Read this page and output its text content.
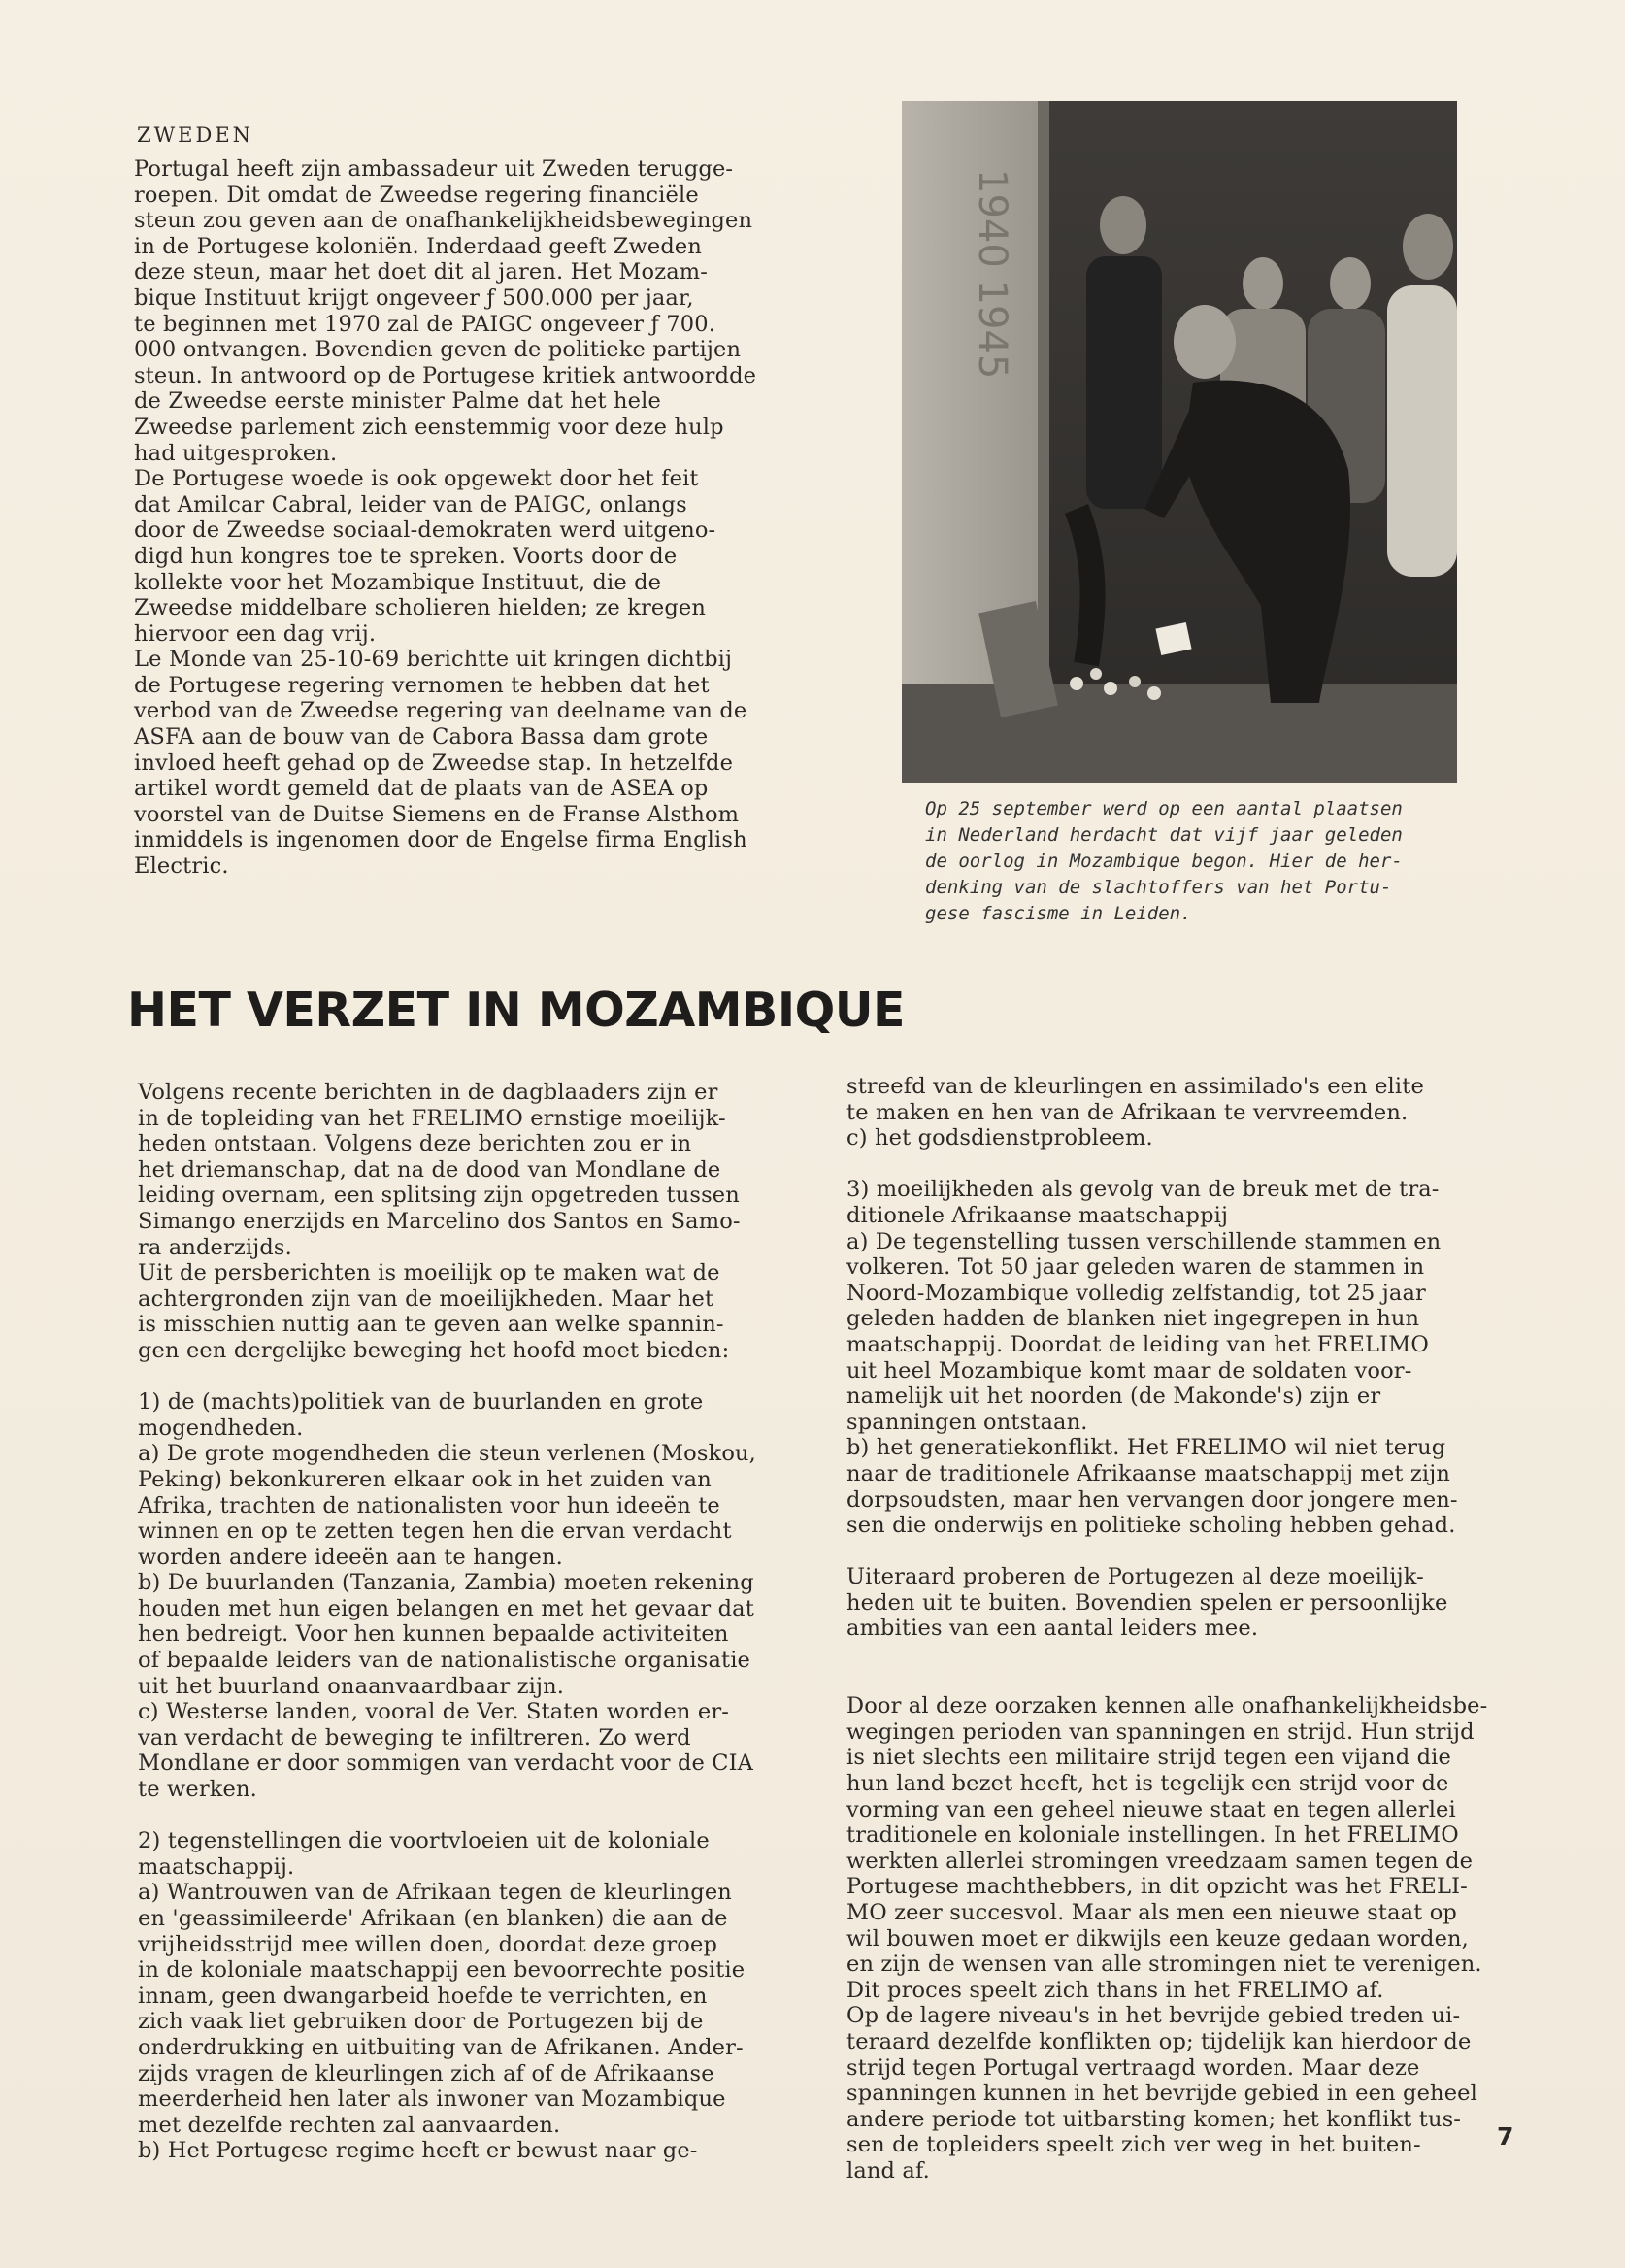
ZWEDEN
Portugal heeft zijn ambassadeur uit Zweden terugge-
roepen. Dit omdat de Zweedse regering financiële
steun zou geven aan de onafhankelijkheidsbewegingen
in de Portugese koloniën. Inderdaad geeft Zweden
deze steun, maar het doet dit al jaren. Het Mozam-
bique Instituut krijgt ongeveer ƒ 500.000 per jaar,
te beginnen met 1970 zal de PAIGC ongeveer ƒ 700.
000 ontvangen. Bovendien geven de politieke partijen
steun. In antwoord op de Portugese kritiek antwoordde
de Zweedse eerste minister Palme dat het hele
Zweedse parlement zich eenstemmig voor deze hulp
had uitgesproken.
De Portugese woede is ook opgewekt door het feit
dat Amilcar Cabral, leider van de PAIGC, onlangs
door de Zweedse sociaal-demokraten werd uitgeno-
digd hun kongres toe te spreken. Voorts door de
kollekte voor het Mozambique Instituut, die de
Zweedse middelbare scholieren hielden; ze kregen
hiervoor een dag vrij.
Le Monde van 25-10-69 berichtte uit kringen dichtbij
de Portugese regering vernomen te hebben dat het
verbod van de Zweedse regering van deelname van de
ASFA aan de bouw van de Cabora Bassa dam grote
invloed heeft gehad op de Zweedse stap. In hetzelfde
artikel wordt gemeld dat de plaats van de ASEA op
voorstel van de Duitse Siemens en de Franse Alsthom
inmiddels is ingenomen door de Engelse firma English
Electric.
1940 1945
Op 25 september werd op een aantal plaatsen
in Nederland herdacht dat vijf jaar geleden
de oorlog in Mozambique begon. Hier de her-
denking van de slachtoffers van het Portu-
gese fascisme in Leiden.
HET VERZET IN MOZAMBIQUE
Volgens recente berichten in de dagblaaders zijn er
in de topleiding van het FRELIMO ernstige moeilijk-
heden ontstaan. Volgens deze berichten zou er in
het driemanschap, dat na de dood van Mondlane de
leiding overnam, een splitsing zijn opgetreden tussen
Simango enerzijds en Marcelino dos Santos en Samo-
ra anderzijds.
Uit de persberichten is moeilijk op te maken wat de
achtergronden zijn van de moeilijkheden. Maar het
is misschien nuttig aan te geven aan welke spannin-
gen een dergelijke beweging het hoofd moet bieden:

1) de (machts)politiek van de buurlanden en grote
mogendheden.
a) De grote mogendheden die steun verlenen (Moskou,
Peking) bekonkureren elkaar ook in het zuiden van
Afrika, trachten de nationalisten voor hun ideeën te
winnen en op te zetten tegen hen die ervan verdacht
worden andere ideeën aan te hangen.
b) De buurlanden (Tanzania, Zambia) moeten rekening
houden met hun eigen belangen en met het gevaar dat
hen bedreigt. Voor hen kunnen bepaalde activiteiten
of bepaalde leiders van de nationalistische organisatie
uit het buurland onaanvaardbaar zijn.
c) Westerse landen, vooral de Ver. Staten worden er-
van verdacht de beweging te infiltreren. Zo werd
Mondlane er door sommigen van verdacht voor de CIA
te werken.

2) tegenstellingen die voortvloeien uit de koloniale
maatschappij.
a) Wantrouwen van de Afrikaan tegen de kleurlingen
en 'geassimileerde' Afrikaan (en blanken) die aan de
vrijheidsstrijd mee willen doen, doordat deze groep
in de koloniale maatschappij een bevoorrechte positie
innam, geen dwangarbeid hoefde te verrichten, en
zich vaak liet gebruiken door de Portugezen bij de
onderdrukking en uitbuiting van de Afrikanen. Ander-
zijds vragen de kleurlingen zich af of de Afrikaanse
meerderheid hen later als inwoner van Mozambique
met dezelfde rechten zal aanvaarden.
b) Het Portugese regime heeft er bewust naar ge-
streefd van de kleurlingen en assimilado's een elite
te maken en hen van de Afrikaan te vervreemden.
c) het godsdienstprobleem.

3) moeilijkheden als gevolg van de breuk met de tra-
ditionele Afrikaanse maatschappij
a) De tegenstelling tussen verschillende stammen en
volkeren. Tot 50 jaar geleden waren de stammen in
Noord-Mozambique volledig zelfstandig, tot 25 jaar
geleden hadden de blanken niet ingegrepen in hun
maatschappij. Doordat de leiding van het FRELIMO
uit heel Mozambique komt maar de soldaten voor-
namelijk uit het noorden (de Makonde's) zijn er
spanningen ontstaan.
b) het generatiekonflikt. Het FRELIMO wil niet terug
naar de traditionele Afrikaanse maatschappij met zijn
dorpsoudsten, maar hen vervangen door jongere men-
sen die onderwijs en politieke scholing hebben gehad.

Uiteraard proberen de Portugezen al deze moeilijk-
heden uit te buiten. Bovendien spelen er persoonlijke
ambities van een aantal leiders mee.

Door al deze oorzaken kennen alle onafhankelijkheidsbe-
wegingen perioden van spanningen en strijd. Hun strijd
is niet slechts een militaire strijd tegen een vijand die
hun land bezet heeft, het is tegelijk een strijd voor de
vorming van een geheel nieuwe staat en tegen allerlei
traditionele en koloniale instellingen. In het FRELIMO
werkten allerlei stromingen vreedzaam samen tegen de
Portugese machthebbers, in dit opzicht was het FRELI-
MO zeer succesvol. Maar als men een nieuwe staat op
wil bouwen moet er dikwijls een keuze gedaan worden,
en zijn de wensen van alle stromingen niet te verenigen.
Dit proces speelt zich thans in het FRELIMO af.
Op de lagere niveau's in het bevrijde gebied treden ui-
teraard dezelfde konflikten op; tijdelijk kan hierdoor de
strijd tegen Portugal vertraagd worden. Maar deze
spanningen kunnen in het bevrijde gebied in een geheel
andere periode tot uitbarsting komen; het konflikt tus-
sen de topleiders speelt zich ver weg in het buiten-
land af.
7
